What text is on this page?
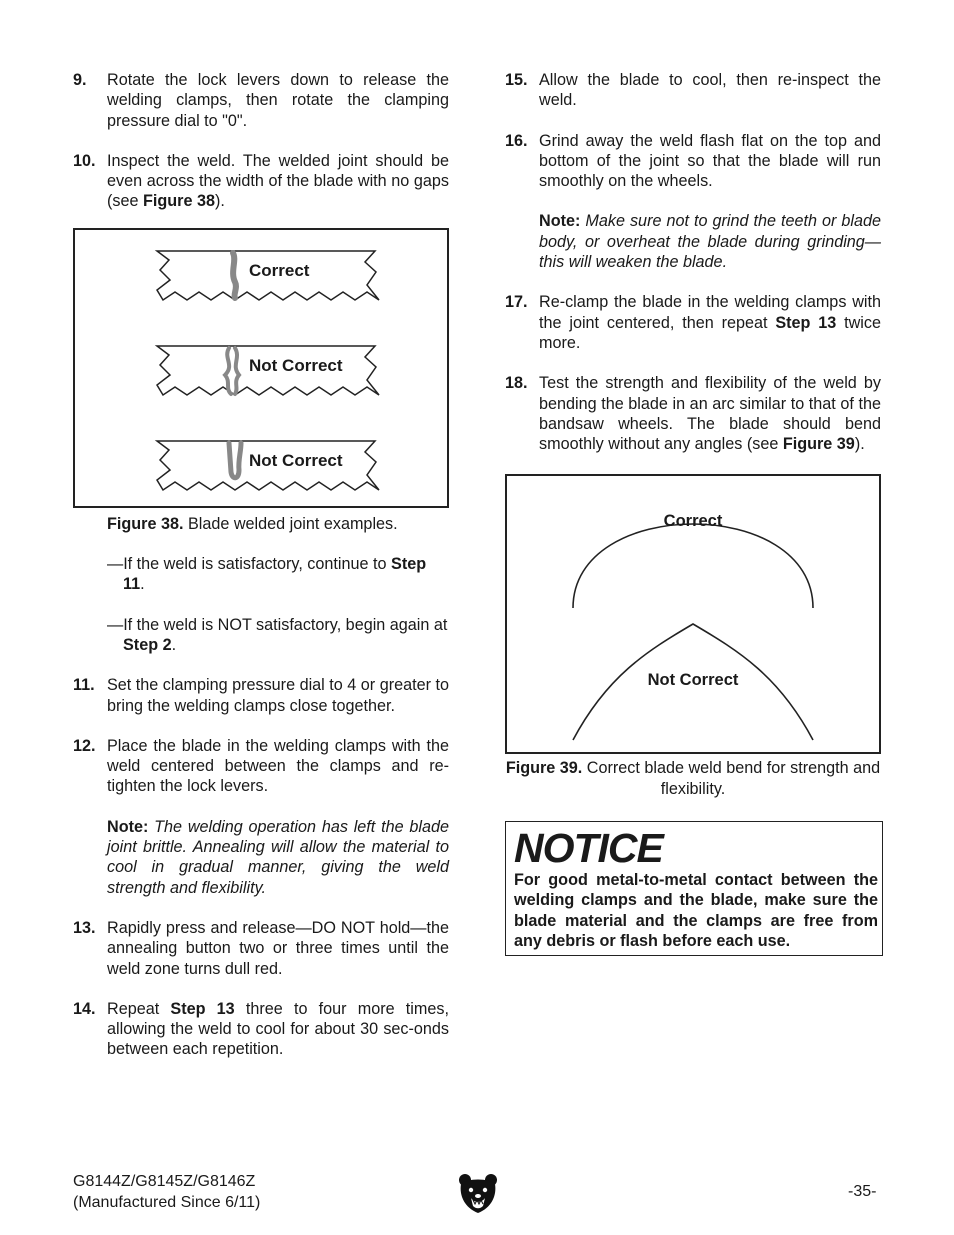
9. Rotate the lock levers down to release the welding clamps, then rotate the clamping pressure dial to "0".
10. Inspect the weld. The welded joint should be even across the width of the blade with no gaps (see Figure 38).
Correct
Not Correct
Not Correct
Figure 38. Blade welded joint examples.
—If the weld is satisfactory, continue to Step 11.
—If the weld is NOT satisfactory, begin again at Step 2.
11. Set the clamping pressure dial to 4 or greater to bring the welding clamps close together.
12. Place the blade in the welding clamps with the weld centered between the clamps and re-tighten the lock levers.
Note: The welding operation has left the blade joint brittle. Annealing will allow the material to cool in gradual manner, giving the weld strength and flexibility.
13. Rapidly press and release—DO NOT hold—the annealing button two or three times until the weld zone turns dull red.
14. Repeat Step 13 three to four more times, allowing the weld to cool for about 30 sec-onds between each repetition.
15. Allow the blade to cool, then re-inspect the weld.
16. Grind away the weld flash flat on the top and bottom of the joint so that the blade will run smoothly on the wheels.
Note: Make sure not to grind the teeth or blade body, or overheat the blade during grinding—this will weaken the blade.
17. Re-clamp the blade in the welding clamps with the joint centered, then repeat Step 13 twice more.
18. Test the strength and flexibility of the weld by bending the blade in an arc similar to that of the bandsaw wheels. The blade should bend smoothly without any angles (see Figure 39).
Correct
Not Correct
Figure 39. Correct blade weld bend for strength and flexibility.
NOTICE
For good metal-to-metal contact between the welding clamps and the blade, make sure the blade material and the clamps are free from any debris or flash before each use.
G8144Z/G8145Z/G8146Z
(Manufactured Since 6/11)
-35-
